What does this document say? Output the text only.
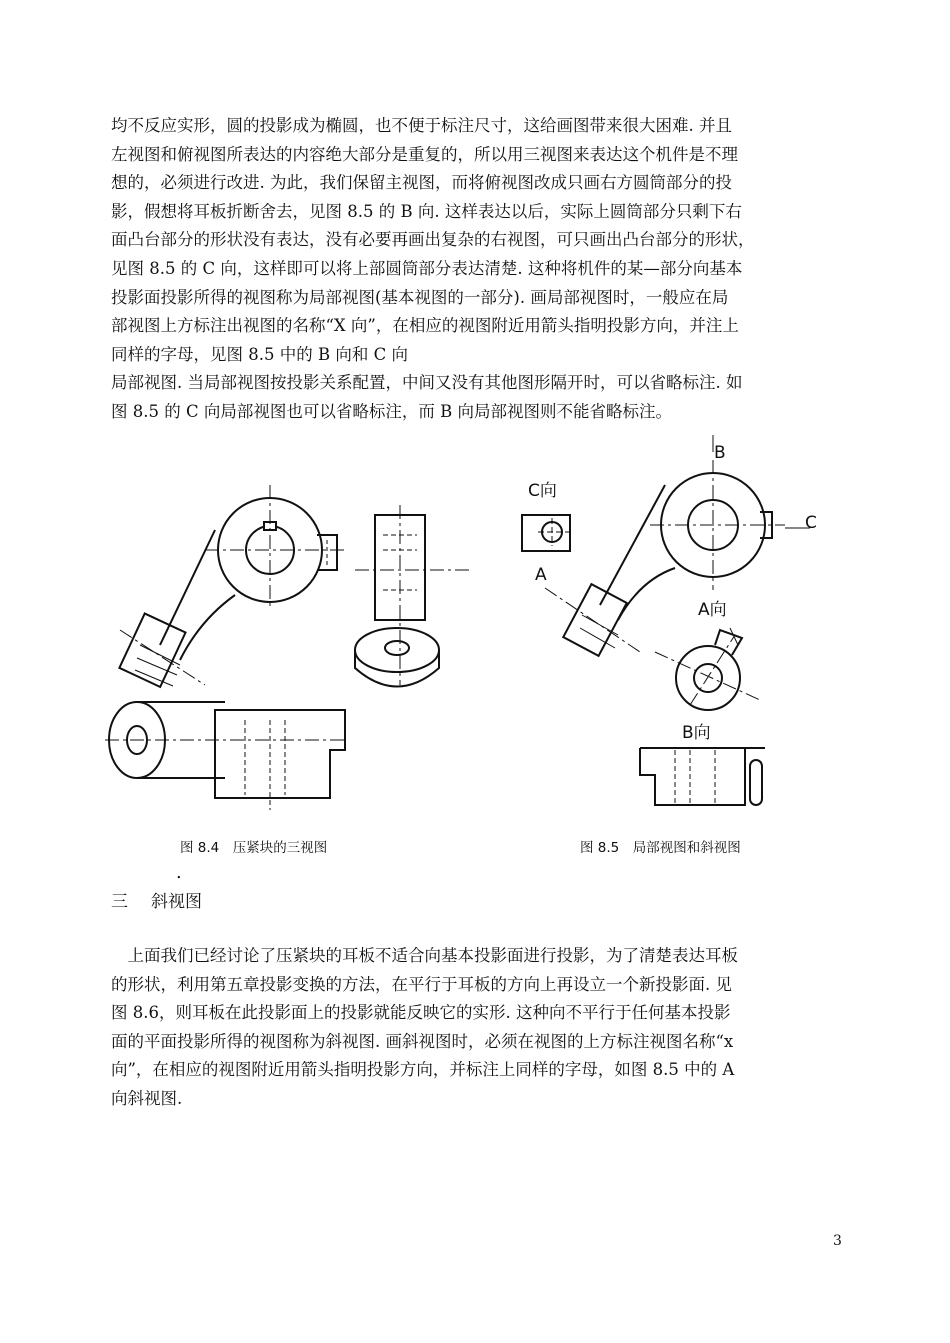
均不反应实形，圆的投影成为椭圆，也不便于标注尺寸，这给画图带来很大困难. 并且
左视图和俯视图所表达的内容绝大部分是重复的，所以用三视图来表达这个机件是不理
想的，必须进行改进. 为此，我们保留主视图，而将俯视图改成只画右方圆筒部分的投
影，假想将耳板折断舍去，见图 8.5 的 B 向. 这样表达以后，实际上圆筒部分只剩下右
面凸台部分的形状没有表达，没有必要再画出复杂的右视图，可只画出凸台部分的形状，
见图 8.5 的 C 向，这样即可以将上部圆筒部分表达清楚. 这种将机件的某—部分向基本
投影面投影所得的视图称为局部视图(基本视图的一部分). 画局部视图时，一般应在局
部视图上方标注出视图的名称“X 向”，在相应的视图附近用箭头指明投影方向，并注上
同样的字母，见图 8.5 中的 B 向和 C 向
局部视图. 当局部视图按投影关系配置，中间又没有其他图形隔开时，可以省略标注. 如
图 8.5 的 C 向局部视图也可以省略标注，而 B 向局部视图则不能省略标注。
图 8.4　压紧块的三视图
B
C向
C
A
A向
B向
图 8.5　局部视图和斜视图
.
三 斜视图
　上面我们已经讨论了压紧块的耳板不适合向基本投影面进行投影，为了清楚表达耳板
的形状，利用第五章投影变换的方法，在平行于耳板的方向上再设立一个新投影面. 见
图 8.6，则耳板在此投影面上的投影就能反映它的实形. 这种向不平行于任何基本投影
面的平面投影所得的视图称为斜视图. 画斜视图时，必须在视图的上方标注视图名称“x
向”，在相应的视图附近用箭头指明投影方向，并标注上同样的字母，如图 8.5 中的 A
向斜视图.
3
